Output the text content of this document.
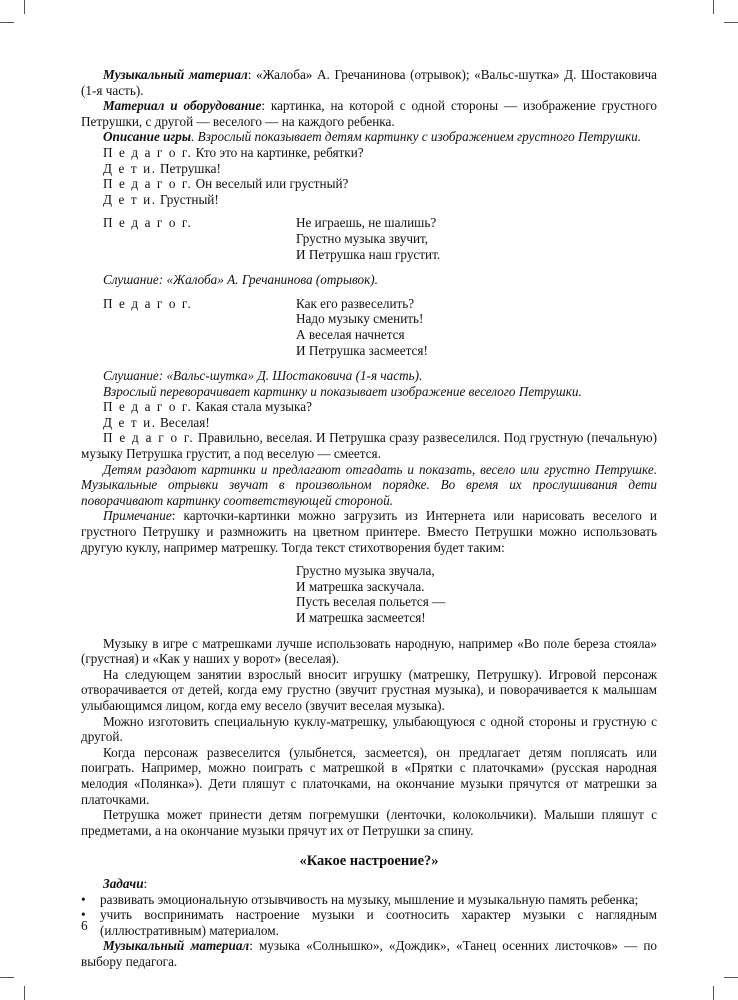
Музыкальный материал: «Жалоба» А. Гречанинова (отрывок); «Вальс-шутка» Д. Шостаковича (1-я часть).

Материал и оборудование: картинка, на которой с одной стороны — изображение грустного Петрушки, с другой — веселого — на каждого ребенка.

Описание игры. Взрослый показывает детям картинку с изображением грустного Петрушки.

П е д а г о г. Кто это на картинке, ребятки?

Д е т и. Петрушка!

П е д а г о г. Он веселый или грустный?

Д е т и. Грустный!

П е д а г о г.	Не играешь, не шалишь?
Грустно музыка звучит,
И Петрушка наш грустит.

Слушание: «Жалоба» А. Гречанинова (отрывок).

П е д а г о г.	Как его развеселить?
Надо музыку сменить!
А веселая начнется
И Петрушка засмеется!

Слушание: «Вальс-шутка» Д. Шостаковича (1-я часть).

Взрослый переворачивает картинку и показывает изображение веселого Петрушки.

П е д а г о г. Какая стала музыка?

Д е т и. Веселая!

П е д а г о г. Правильно, веселая. И Петрушка сразу развеселился. Под грустную (печальную) музыку Петрушка грустит, а под веселую — смеется.

Детям раздают картинки и предлагают отгадать и показать, весело или грустно Петрушке. Музыкальные отрывки звучат в произвольном порядке. Во время их прослушивания дети поворачивают картинку соответствующей стороной.

Примечание: карточки-картинки можно загрузить из Интернета или нарисовать веселого и грустного Петрушку и размножить на цветном принтере. Вместо Петрушки можно использовать другую куклу, например матрешку. Тогда текст стихотворения будет таким:

Грустно музыка звучала,
И матрешка заскучала.
Пусть веселая польется —
И матрешка засмеется!

Музыку в игре с матрешками лучше использовать народную, например «Во поле береза стояла» (грустная) и «Как у наших у ворот» (веселая).

На следующем занятии взрослый вносит игрушку (матрешку, Петрушку). Игровой персонаж отворачивается от детей, когда ему грустно (звучит грустная музыка), и поворачивается к малышам улыбающимся лицом, когда ему весело (звучит веселая музыка).

Можно изготовить специальную куклу-матрешку, улыбающуюся с одной стороны и грустную с другой.

Когда персонаж развеселится (улыбнется, засмеется), он предлагает детям поплясать или поиграть. Например, можно поиграть с матрешкой в «Прятки с платочками» (русская народная мелодия «Полянка»). Дети пляшут с платочками, на окончание музыки прячутся от матрешки за платочками.

Петрушка может принести детям погремушки (ленточки, колокольчики). Малыши пляшут с предметами, а на окончание музыки прячут их от Петрушки за спину.

«Какое настроение?»

Задачи:

• развивать эмоциональную отзывчивость на музыку, мышление и музыкальную память ребенка;
• учить воспринимать настроение музыки и соотносить характер музыки с наглядным (иллюстративным) материалом.

Музыкальный материал: музыка «Солнышко», «Дождик», «Танец осенних листочков» — по выбору педагога.

6
